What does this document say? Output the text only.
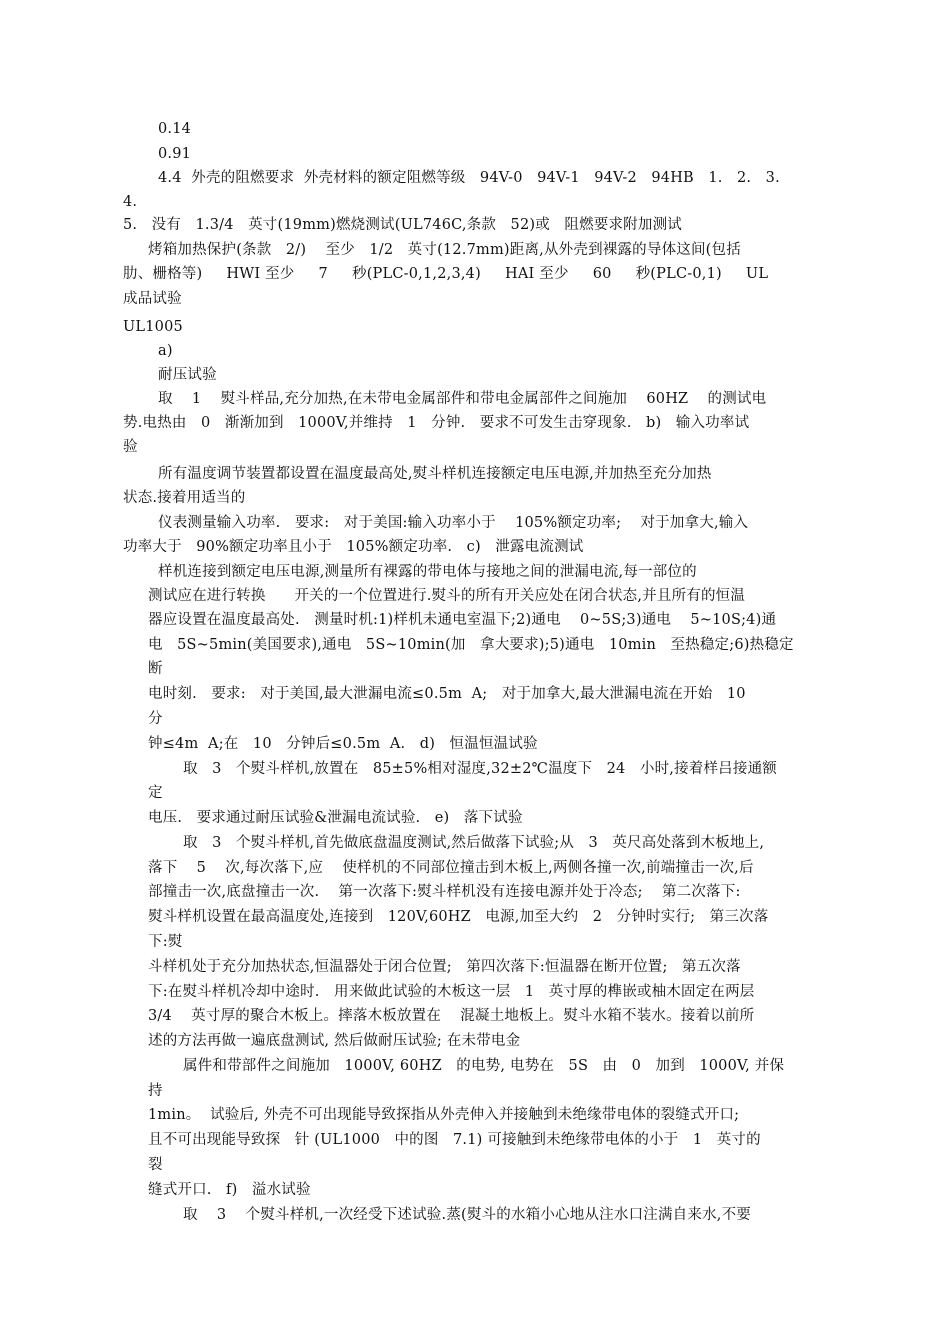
0.14
0.91
4.4  外壳的阻燃要求  外壳材料的额定阻燃等级   94V-0   94V-1   94V-2   94HB   1.   2.   3.
4.
5.   没有   1.3/4   英寸(19mm)燃烧测试(UL746C,条款   52)或   阻燃要求附加测试
烤箱加热保护(条款   2/)    至少   1/2   英寸(12.7mm)距离,从外壳到裸露的导体这间(包括
肋、栅格等)     HWI 至少     7     秒(PLC-0,1,2,3,4)     HAI 至少     60     秒(PLC-0,1)     UL
成品试验
UL1005
a)
耐压试验
取    1    熨斗样品,充分加热,在未带电金属部件和带电金属部件之间施加    60HZ    的测试电
势.电热由   0   渐渐加到   1000V,并维持   1   分钟.   要求不可发生击穿现象.   b)   输入功率试
验
所有温度调节装置都设置在温度最高处,熨斗样机连接额定电压电源,并加热至充分加热
状态.接着用适当的
仪表测量输入功率.   要求:   对于美国:输入功率小于    105%额定功率;    对于加拿大,输入
功率大于   90%额定功率且小于   105%额定功率.   c)   泄露电流测试
样机连接到额定电压电源,测量所有裸露的带电体与接地之间的泄漏电流,每一部位的
测试应在进行转换      开关的一个位置进行.熨斗的所有开关应处在闭合状态,并且所有的恒温
器应设置在温度最高处.   测量时机:1)样机未通电室温下;2)通电    0~5S;3)通电    5~10S;4)通
电   5S~5min(美国要求),通电   5S~10min(加   拿大要求);5)通电   10min   至热稳定;6)热稳定
断
电时刻.   要求:   对于美国,最大泄漏电流≤0.5m  A;   对于加拿大,最大泄漏电流在开始   10
分
钟≤4m  A;在   10   分钟后≤0.5m  A.   d)   恒温恒温试验
取   3   个熨斗样机,放置在   85±5%相对湿度,32±2℃温度下   24   小时,接着样吕接通额
定
电压.   要求通过耐压试验&泄漏电流试验.   e)   落下试验
取   3   个熨斗样机,首先做底盘温度测试,然后做落下试验;从   3   英尺高处落到木板地上,
落下    5    次,每次落下,应    使样机的不同部位撞击到木板上,两侧各撞一次,前端撞击一次,后
部撞击一次,底盘撞击一次.    第一次落下:熨斗样机没有连接电源并处于冷态;    第二次落下:
熨斗样机设置在最高温度处,连接到   120V,60HZ   电源,加至大约   2   分钟时实行;   第三次落
下:熨
斗样机处于充分加热状态,恒温器处于闭合位置;   第四次落下:恒温器在断开位置;   第五次落
下:在熨斗样机冷却中途时.   用来做此试验的木板这一层   1   英寸厚的榫嵌或柚木固定在两层
3/4    英寸厚的聚合木板上。摔落木板放置在    混凝土地板上。熨斗水箱不装水。接着以前所
述的方法再做一遍底盘测试, 然后做耐压试验; 在未带电金
属件和带部件之间施加   1000V, 60HZ   的电势, 电势在   5S   由   0   加到   1000V, 并保
持
1min。  试验后, 外壳不可出现能导致探指从外壳伸入并接触到未绝缘带电体的裂缝式开口;
且不可出现能导致探   针 (UL1000   中的图   7.1) 可接触到未绝缘带电体的小于   1   英寸的
裂
缝式开口.   f)   溢水试验
取    3    个熨斗样机,一次经受下述试验.蒸(熨斗的水箱小心地从注水口注满自来水,不要
